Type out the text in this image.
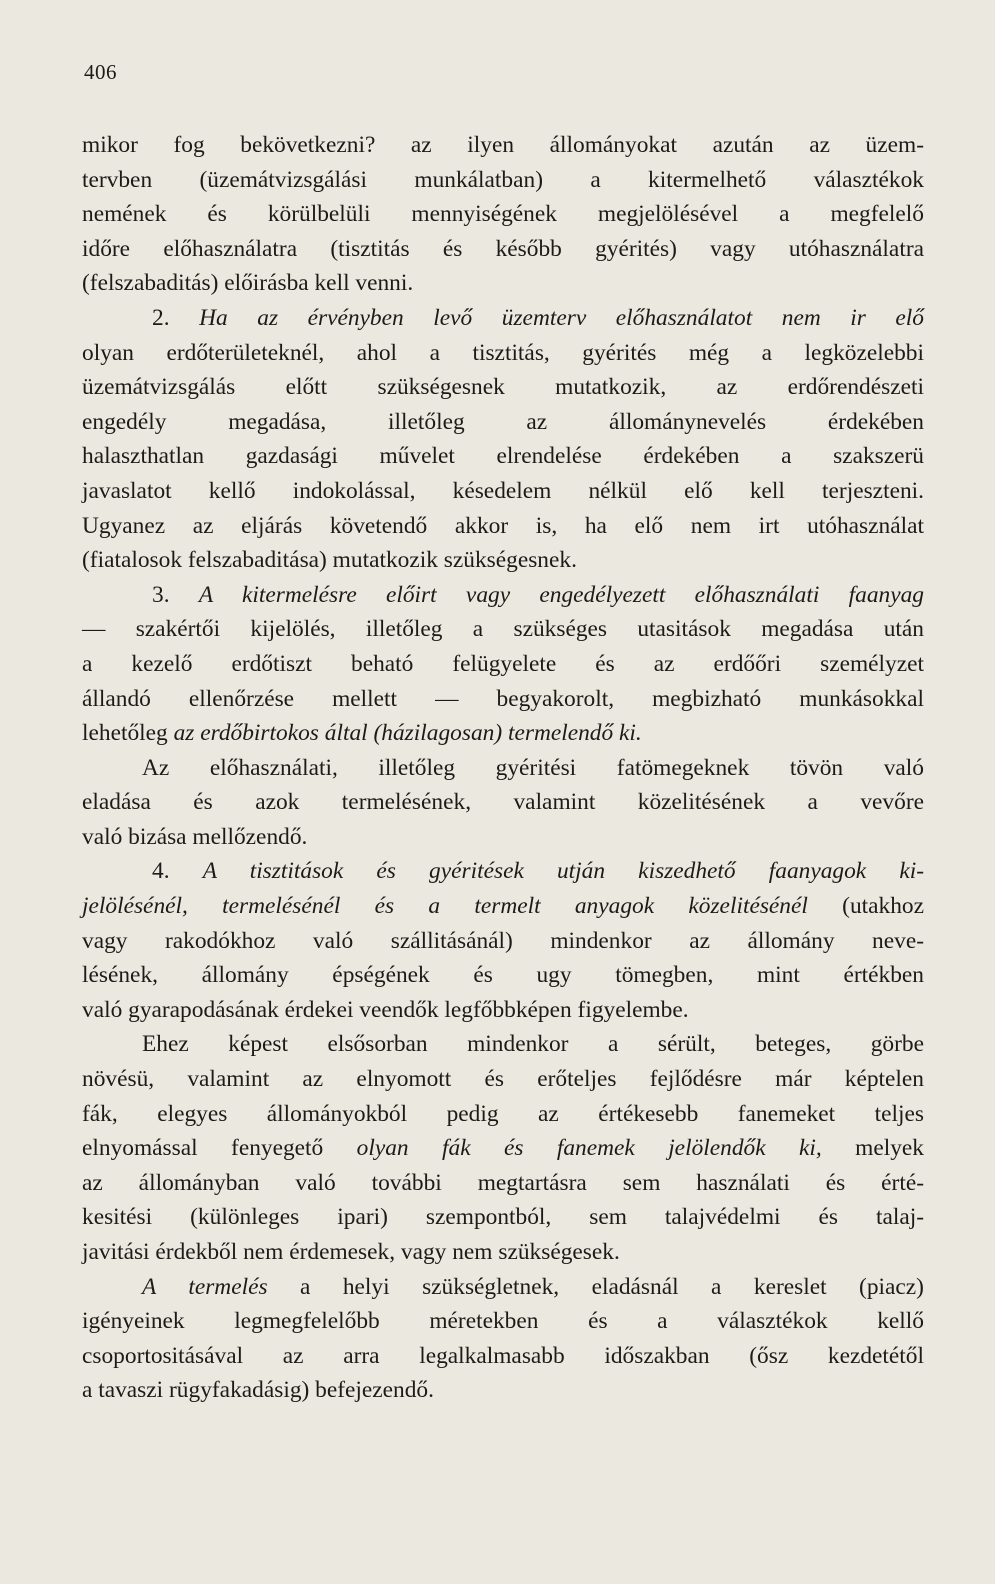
406
mikor fog bekövetkezni? az ilyen állományokat azután az üzem-
tervben (üzemátvizsgálási munkálatban) a kitermelhető választékok
nemének és körülbelüli mennyiségének megjelölésével a megfelelő
időre előhasználatra (tisztitás és később gyérités) vagy utóhasználatra
(felszabaditás) előirásba kell venni.
2. Ha az érvényben levő üzemterv előhasználatot nem ir elő
olyan erdőterületeknél, ahol a tisztitás, gyérités még a legközelebbi
üzemátvizsgálás előtt szükségesnek mutatkozik, az erdőrendészeti
engedély megadása, illetőleg az állománynevelés érdekében
halaszthatlan gazdasági művelet elrendelése érdekében a szakszerü
javaslatot kellő indokolással, késedelem nélkül elő kell terjeszteni.
Ugyanez az eljárás követendő akkor is, ha elő nem irt utóhasználat
(fiatalosok felszabaditása) mutatkozik szükségesnek.
3. A kitermelésre előirt vagy engedélyezett előhasználati faanyag
— szakértői kijelölés, illetőleg a szükséges utasitások megadása után
a kezelő erdőtiszt beható felügyelete és az erdőőri személyzet
állandó ellenőrzése mellett — begyakorolt, megbizható munkásokkal
lehetőleg az erdőbirtokos által (házilagosan) termelendő ki.
Az előhasználati, illetőleg gyéritési fatömegeknek tövön való
eladása és azok termelésének, valamint közelitésének a vevőre
való bizása mellőzendő.
4. A tisztitások és gyéritések utján kiszedhető faanyagok ki-
jelölésénél, termelésénél és a termelt anyagok közelitésénél (utakhoz
vagy rakodókhoz való szállitásánál) mindenkor az állomány neve-
lésének, állomány épségének és ugy tömegben, mint értékben
való gyarapodásának érdekei veendők legfőbbképen figyelembe.
Ehez képest elsősorban mindenkor a sérült, beteges, görbe
növésü, valamint az elnyomott és erőteljes fejlődésre már képtelen
fák, elegyes állományokból pedig az értékesebb fanemeket teljes
elnyomással fenyegető olyan fák és fanemek jelölendők ki, melyek
az állományban való további megtartásra sem használati és érté-
kesitési (különleges ipari) szempontból, sem talajvédelmi és talaj-
javitási érdekből nem érdemesek, vagy nem szükségesek.
A termelés a helyi szükségletnek, eladásnál a kereslet (piacz)
igényeinek legmegfelelőbb méretekben és a választékok kellő
csoportositásával az arra legalkalmasabb időszakban (ősz kezdetétől
a tavaszi rügyfakadásig) befejezendő.
